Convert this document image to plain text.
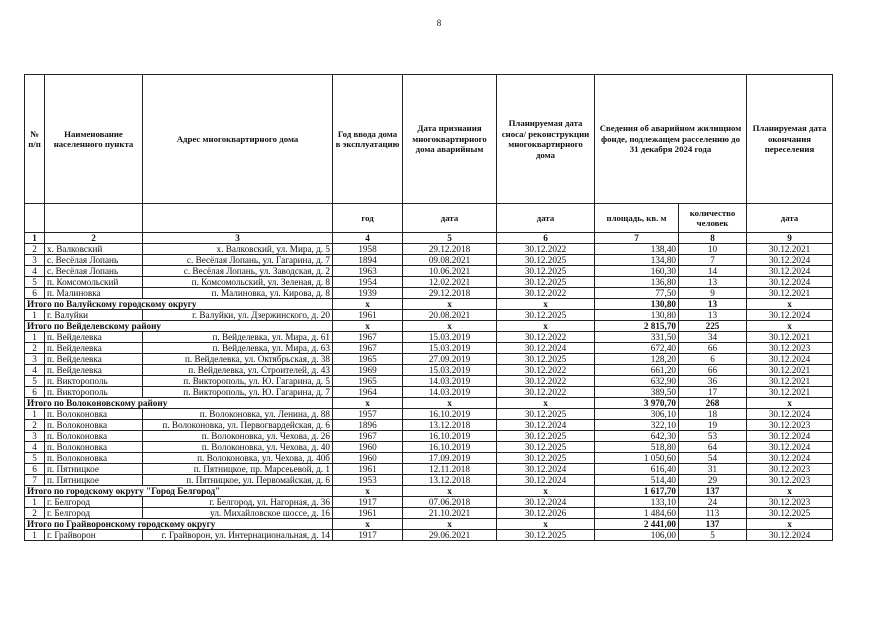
8
№ п/п	Наименование населенного пункта	Адрес многоквартирного дома	Год ввода дома в эксплуатацию	Дата признания многоквартирного дома аварийным	Планируемая дата сноса/ реконструкции многоквартирного дома	Сведения об аварийном жилищном фонде, подлежащем расселению до 31 декабря 2024 года		Планируемая дата окончания переселения
			год	дата	дата	площадь, кв. м	количество человек	дата
1	2	3	4	5	6	7	8	9
2	х. Валковский	х. Валковский, ул. Мира, д. 5	1958	29.12.2018	30.12.2022	138,40	10	30.12.2021
3	с. Весёлая Лопань	с. Весёлая Лопань, ул. Гагарина, д. 7	1894	09.08.2021	30.12.2025	134,80	7	30.12.2024
4	с. Весёлая Лопань	с. Весёлая Лопань, ул. Заводская, д. 2	1963	10.06.2021	30.12.2025	160,30	14	30.12.2024
5	п. Комсомольский	п. Комсомольский, ул. Зеленая, д. 8	1954	12.02.2021	30.12.2025	136,80	13	30.12.2024
6	п. Малиновка	п. Малиновка, ул. Кирова, д. 8	1939	29.12.2018	30.12.2022	77,50	9	30.12.2021
Итого по Валуйскому городскому округу			х	х	х	130,80	13	х
1	г. Валуйки	г. Валуйки, ул. Дзержинского, д. 20	1961	20.08.2021	30.12.2025	130,80	13	30.12.2024
Итого по Вейделевскому району			х	х	х	2 815,70	225	х
1	п. Вейделевка	п. Вейделевка, ул. Мира, д. 61	1967	15.03.2019	30.12.2022	331,50	34	30.12.2021
2	п. Вейделевка	п. Вейделевка, ул. Мира, д. 63	1967	15.03.2019	30.12.2024	672,40	66	30.12.2023
3	п. Вейделевка	п. Вейделевка, ул. Октябрьская, д. 38	1965	27.09.2019	30.12.2025	128,20	6	30.12.2024
4	п. Вейделевка	п. Вейделевка, ул. Строителей, д. 43	1969	15.03.2019	30.12.2022	661,20	66	30.12.2021
5	п. Викторополь	п. Викторополь, ул. Ю. Гагарина, д. 5	1965	14.03.2019	30.12.2022	632,90	36	30.12.2021
6	п. Викторополь	п. Викторополь, ул. Ю. Гагарина, д. 7	1964	14.03.2019	30.12.2022	389,50	17	30.12.2021
Итого по Волоконовскому району			х	х	х	3 970,70	268	х
1	п. Волоконовка	п. Волоконовка, ул. Ленина, д. 88	1957	16.10.2019	30.12.2025	306,10	18	30.12.2024
2	п. Волоконовка	п. Волоконовка, ул. Первогвардейская, д. 6	1896	13.12.2018	30.12.2024	322,10	19	30.12.2023
3	п. Волоконовка	п. Волоконовка, ул. Чехова, д. 26	1967	16.10.2019	30.12.2025	642,30	53	30.12.2024
4	п. Волоконовка	п. Волоконовка, ул. Чехова, д. 40	1960	16.10.2019	30.12.2025	518,80	64	30.12.2024
5	п. Волоконовка	п. Волоконовка, ул. Чехова, д. 40б	1960	17.09.2019	30.12.2025	1 050,60	54	30.12.2024
6	п. Пятницкое	п. Пятницкое, пр. Марсеьевой, д. 1	1961	12.11.2018	30.12.2024	616,40	31	30.12.2023
7	п. Пятницкое	п. Пятницкое, ул. Первомайская, д. 6	1953	13.12.2018	30.12.2024	514,40	29	30.12.2023
Итого по городскому округу "Город Белгород"			х	х	х	1 617,70	137	х
1	г. Белгород	г. Белгород, ул. Нагорная, д. 36	1917	07.06.2018	30.12.2024	133,10	24	30.12.2023
2	г. Белгород	ул. Михайловское шоссе, д. 16	1961	21.10.2021	30.12.2026	1 484,60	113	30.12.2025
Итого по Грайворонскому городскому округу			х	х	х	2 441,00	137	х
1	г. Грайворон	г. Грайворон, ул. Интернациональная, д. 14	1917	29.06.2021	30.12.2025	106,00	5	30.12.2024
